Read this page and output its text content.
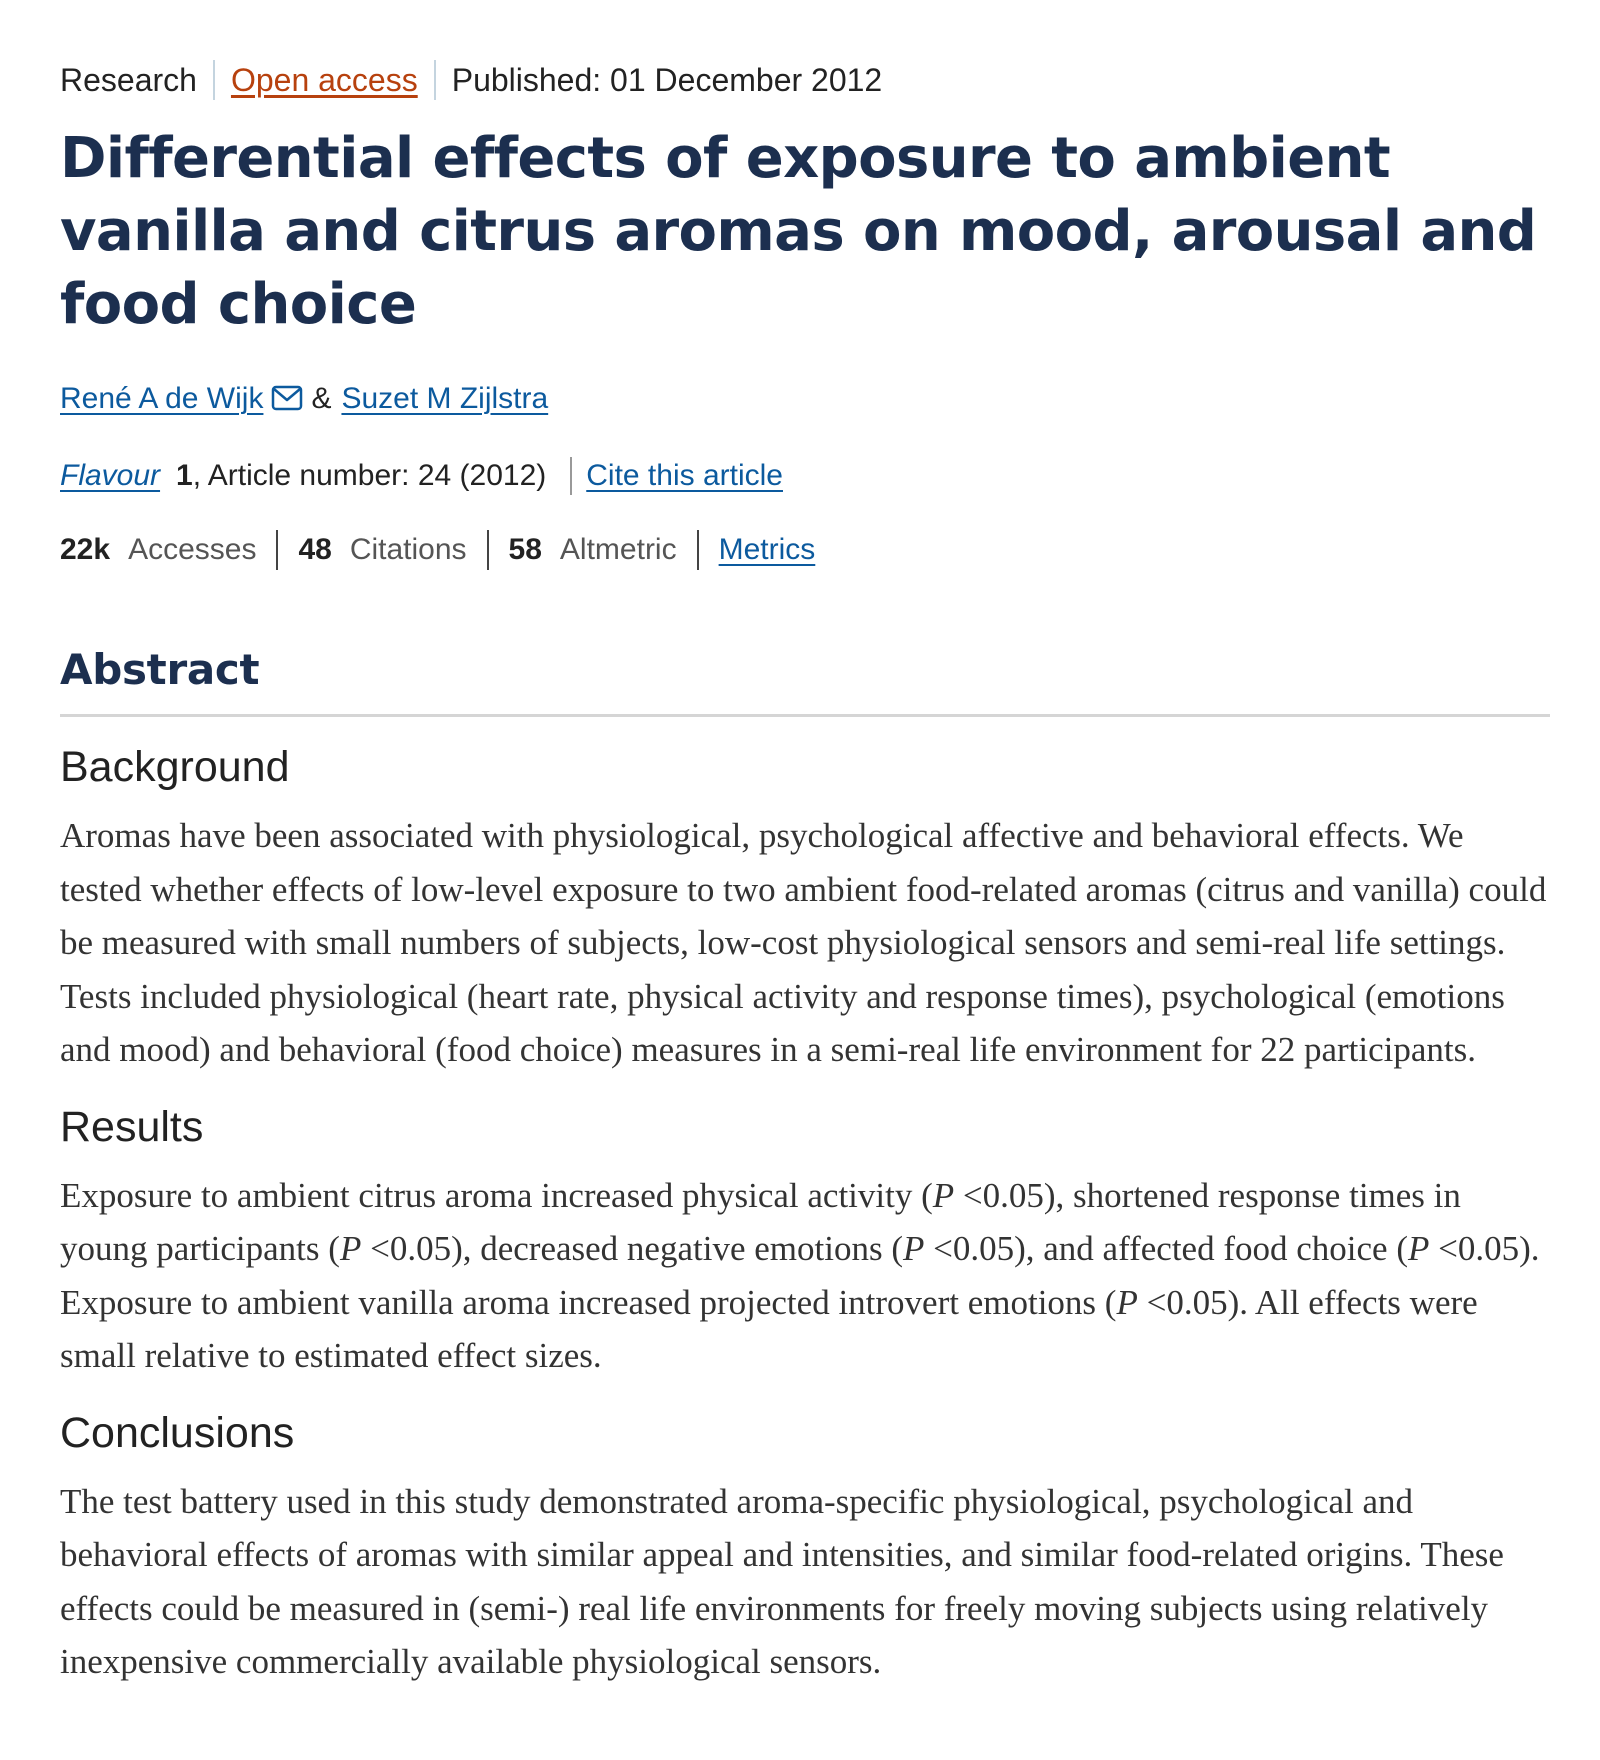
Research Open access Published: 01 December 2012
Differential effects of exposure to ambient vanilla and citrus aromas on mood, arousal and food choice
René A de Wijk & Suzet M Zijlstra
Flavour 1 , Article number: 24 (2012) Cite this article
22k Accesses 48 Citations 58 Altmetric Metrics
Abstract
Background

Aromas have been associated with physiological, psychological affective and behavioral effects. We tested whether effects of low-level exposure to two ambient food-related aromas (citrus and vanilla) could be measured with small numbers of subjects, low-cost physiological sensors and semi-real life settings. Tests included physiological (heart rate, physical activity and response times), psychological (emotions and mood) and behavioral (food choice) measures in a semi-real life environment for 22 participants.

Results

Exposure to ambient citrus aroma increased physical activity (P <0.05), shortened response times in young participants (P <0.05), decreased negative emotions (P <0.05), and affected food choice (P <0.05). Exposure to ambient vanilla aroma increased projected introvert emotions (P <0.05). All effects were small relative to estimated effect sizes.

Conclusions

The test battery used in this study demonstrated aroma-specific physiological, psychological and behavioral effects of aromas with similar appeal and intensities, and similar food-related origins. These effects could be measured in (semi-) real life environments for freely moving subjects using relatively inexpensive commercially available physiological sensors.
